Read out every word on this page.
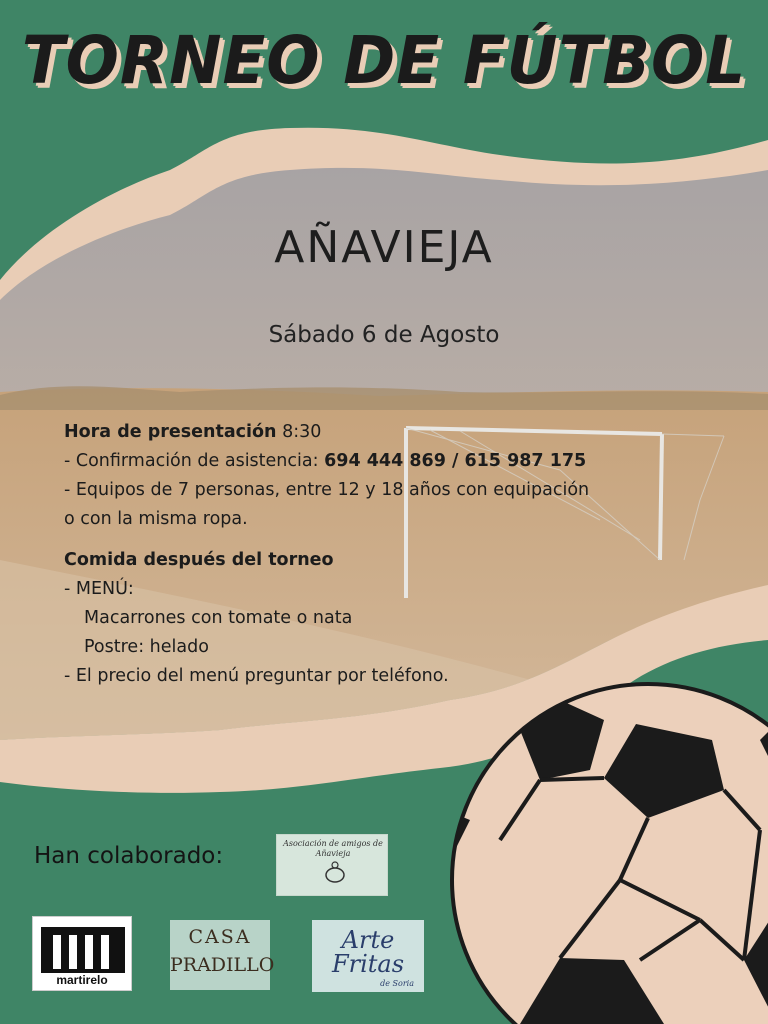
TORNEO DE FÚTBOL
AÑAVIEJA
Sábado 6 de Agosto
Hora de presentación 8:30
- Confirmación de asistencia: 694 444 869 / 615 987 175
- Equipos de 7 personas, entre 12 y 18 años con equipación
o con la misma ropa.
Comida después del torneo
- MENÚ:
Macarrones con tomate o nata
Postre: helado
- El precio del menú preguntar por teléfono.
Han colaborado:	Asociación de amigos de Añavieja
martirelo
CASA
PRADILLO
Arte
Fritas
de Soria
